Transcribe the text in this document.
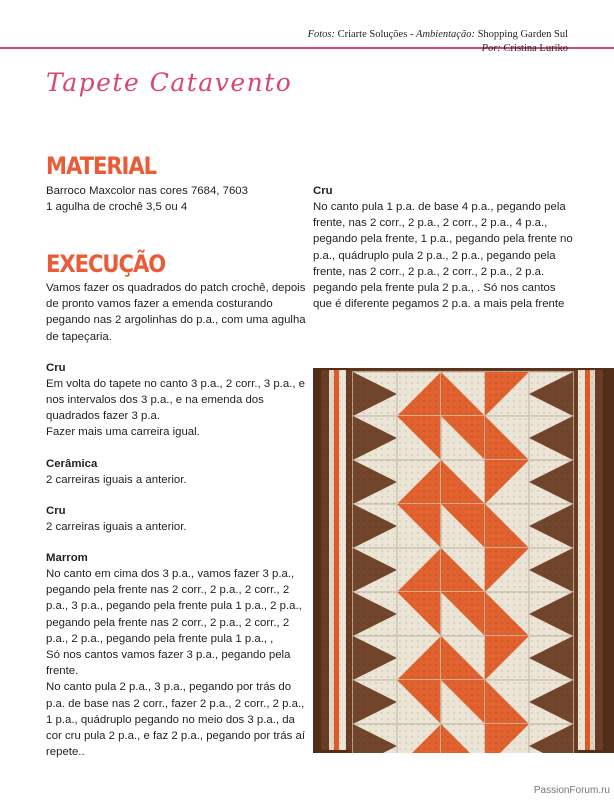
Fotos: Criarte Soluções - Ambientação: Shopping Garden Sul
Por: Cristina Luriko
Tapete Catavento
MATERIAL

Barroco Maxcolor nas cores 7684, 7603

1 agulha de crochê 3,5 ou 4

EXECUÇÃO

Vamos fazer os quadrados do patch crochê, depois de pronto vamos fazer a emenda costurando pegando nas 2 argolinhas do p.a., com uma agulha de tapeçaria.

Cru

Em volta do tapete no canto 3 p.a., 2 corr., 3 p.a., e nos intervalos dos 3 p.a., e na emenda dos quadrados fazer 3 p.a.

Fazer mais uma carreira igual.

Cerâmica

2 carreiras iguais a anterior.

Cru

2 carreiras iguais a anterior.

Marrom

No canto em cima dos 3 p.a., vamos fazer 3 p.a., pegando pela frente nas 2 corr., 2 p.a., 2 corr., 2 p.a., 3 p.a., pegando pela frente pula 1 p.a., 2 p.a., pegando pela frente nas 2 corr., 2 p.a., 2 corr., 2 p.a., 2 p.a., pegando pela frente pula 1 p.a., ,

Só nos cantos vamos fazer 3 p.a., pegando pela frente.

No canto pula 2 p.a., 3 p.a., pegando por trás do p.a. de base nas 2 corr., fazer 2 p.a., 2 corr., 2 p.a., 1 p.a., quádruplo pegando no meio dos 3 p.a., da cor cru pula 2 p.a., e faz 2 p.a., pegando por trás aí repete..

Cru

No canto pula 1 p.a. de base 4 p.a., pegando pela frente, nas 2 corr., 2 p.a., 2 corr., 2 p.a., 4 p.a., pegando pela frente, 1 p.a., pegando pela frente no p.a., quádruplo pula 2 p.a., 2 p.a., pegando pela frente, nas 2 corr., 2 p.a., 2 corr., 2 p.a., 2 p.a. pegando pela frente pula 2 p.a., . Só nos cantos que é diferente pegamos 2 p.a. a mais pela frente

PassionForum.ru
